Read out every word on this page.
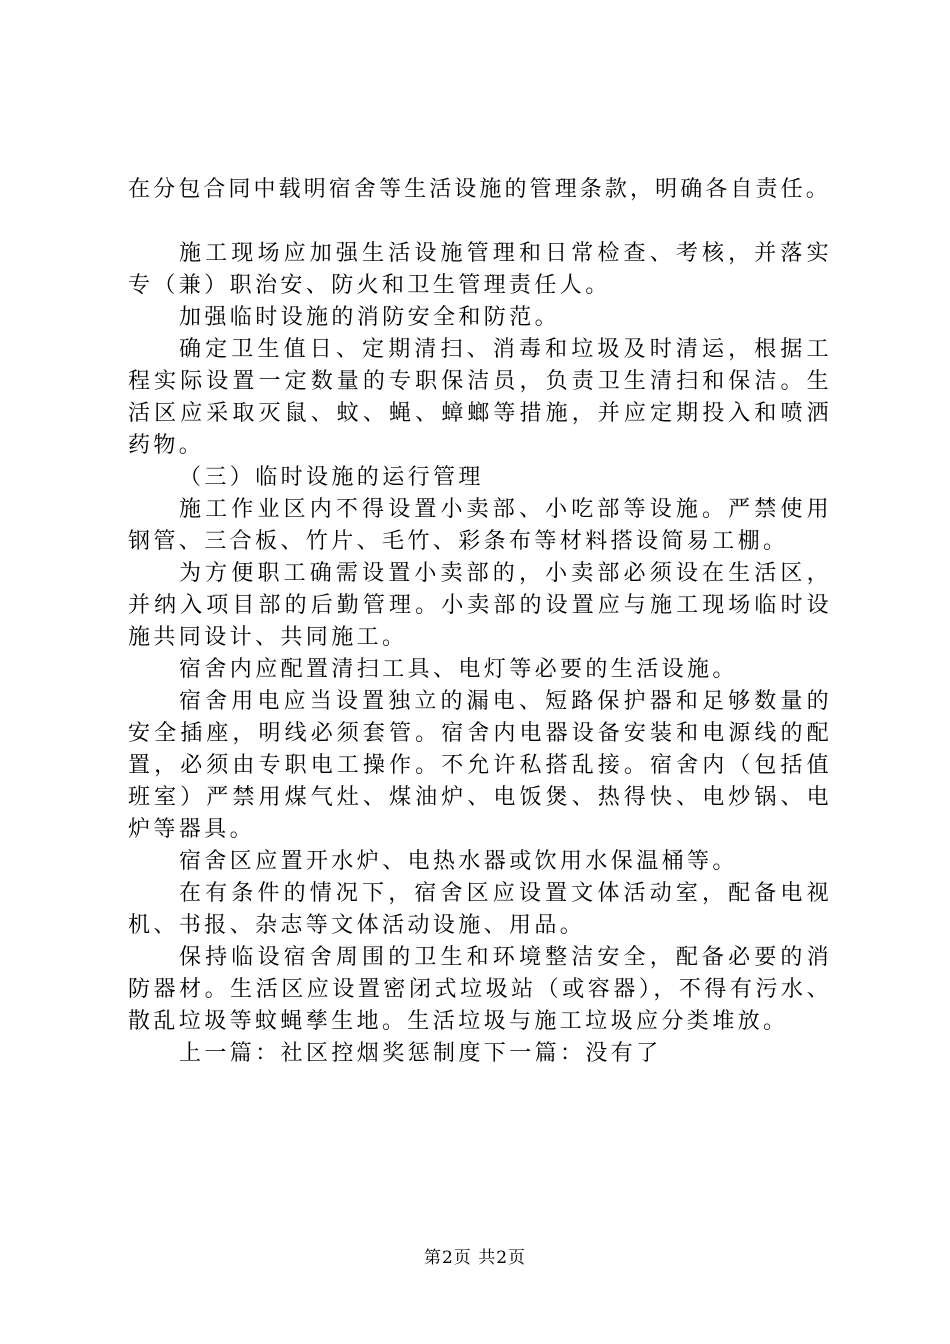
在分包合同中载明宿舍等生活设施的管理条款，明确各自责任。

施工现场应加强生活设施管理和日常检查、考核，并落实专（兼）职治安、防火和卫生管理责任人。

加强临时设施的消防安全和防范。

确定卫生值日、定期清扫、消毒和垃圾及时清运，根据工程实际设置一定数量的专职保洁员，负责卫生清扫和保洁。生活区应采取灭鼠、蚊、蝇、蟑螂等措施，并应定期投入和喷洒药物。

（三）临时设施的运行管理

施工作业区内不得设置小卖部、小吃部等设施。严禁使用钢管、三合板、竹片、毛竹、彩条布等材料搭设简易工棚。

为方便职工确需设置小卖部的，小卖部必须设在生活区，并纳入项目部的后勤管理。小卖部的设置应与施工现场临时设施共同设计、共同施工。

宿舍内应配置清扫工具、电灯等必要的生活设施。

宿舍用电应当设置独立的漏电、短路保护器和足够数量的安全插座，明线必须套管。宿舍内电器设备安装和电源线的配置，必须由专职电工操作。不允许私搭乱接。宿舍内（包括值班室）严禁用煤气灶、煤油炉、电饭煲、热得快、电炒锅、电炉等器具。

宿舍区应置开水炉、电热水器或饮用水保温桶等。

在有条件的情况下，宿舍区应设置文体活动室，配备电视机、书报、杂志等文体活动设施、用品。

保持临设宿舍周围的卫生和环境整洁安全，配备必要的消防器材。生活区应设置密闭式垃圾站（或容器），不得有污水、散乱垃圾等蚊蝇孳生地。生活垃圾与施工垃圾应分类堆放。

上一篇：社区控烟奖惩制度下一篇：没有了

第2页 共2页
